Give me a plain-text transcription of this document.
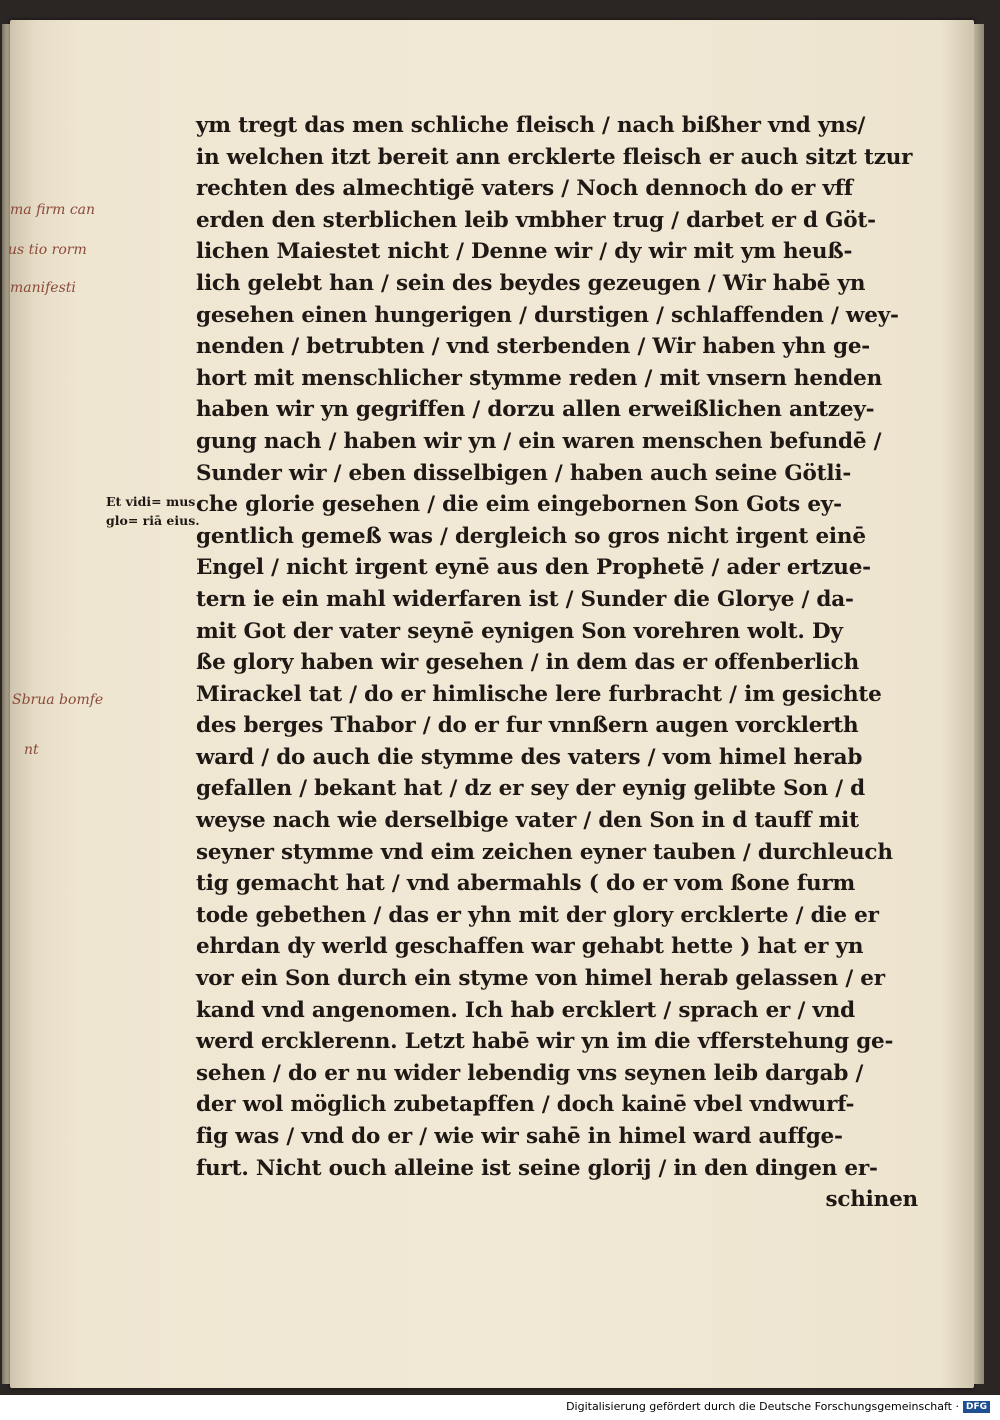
ym tregt das men schliche fleisch / nach bißher vnd yns/
in welchen itzt bereit ann ercklerte fleisch er auch sitzt tzur
rechten des almechtigē vaters / Noch dennoch do er vff
erden den sterblichen leib vmbher trug / darbet er d Göt-
lichen Maiestet nicht / Denne wir / dy wir mit ym heuß-
lich gelebt han / sein des beydes gezeugen / Wir habē yn
gesehen einen hungerigen / durstigen / schlaffenden / wey-
nenden / betrubten / vnd sterbenden / Wir haben yhn ge-
hort mit menschlicher stymme reden / mit vnsern henden
haben wir yn gegriffen / dorzu allen erweißlichen antzey-
gung nach / haben wir yn / ein waren menschen befundē /
Sunder wir / eben disselbigen / haben auch seine Götli-
che glorie gesehen / die eim eingebornen Son Gots ey-
gentlich gemeß was / dergleich so gros nicht irgent einē
Engel / nicht irgent eynē aus den Prophetē / ader ertzue-
tern ie ein mahl widerfaren ist / Sunder die Glorye / da-
mit Got der vater seynē eynigen Son vorehren wolt. Dy
ße glory haben wir gesehen / in dem das er offenberlich
Mirackel tat / do er himlische lere furbracht / im gesichte
des berges Thabor / do er fur vnnßern augen vorcklerth
ward / do auch die stymme des vaters / vom himel herab
gefallen / bekant hat / dz er sey der eynig gelibte Son / d
weyse nach wie derselbige vater / den Son in d tauff mit
seyner stymme vnd eim zeichen eyner tauben / durchleuch
tig gemacht hat / vnd abermahls ( do er vom ßone furm
tode gebethen / das er yhn mit der glory ercklerte / die er
ehrdan dy werld geschaffen war gehabt hette ) hat er yn
vor ein Son durch ein styme von himel herab gelassen / er
kand vnd angenomen. Ich hab ercklert / sprach er / vnd
werd ercklerenn. Letzt habē wir yn im die vfferstehung ge-
sehen / do er nu wider lebendig vns seynen leib dargab /
der wol möglich zubetapffen / doch kainē vbel vndwurf-
fig was / vnd do er / wie wir sahē in himel ward auffge-
furt. Nicht ouch alleine ist seine glorij / in den dingen er-
schinen
Et vidi= mus glo= riā eius.
ma firm can
us tio rorm
manifesti
Sbrua bomfe
nt
Digitalisierung gefördert durch die Deutsche Forschungsgemeinschaft · DFG
